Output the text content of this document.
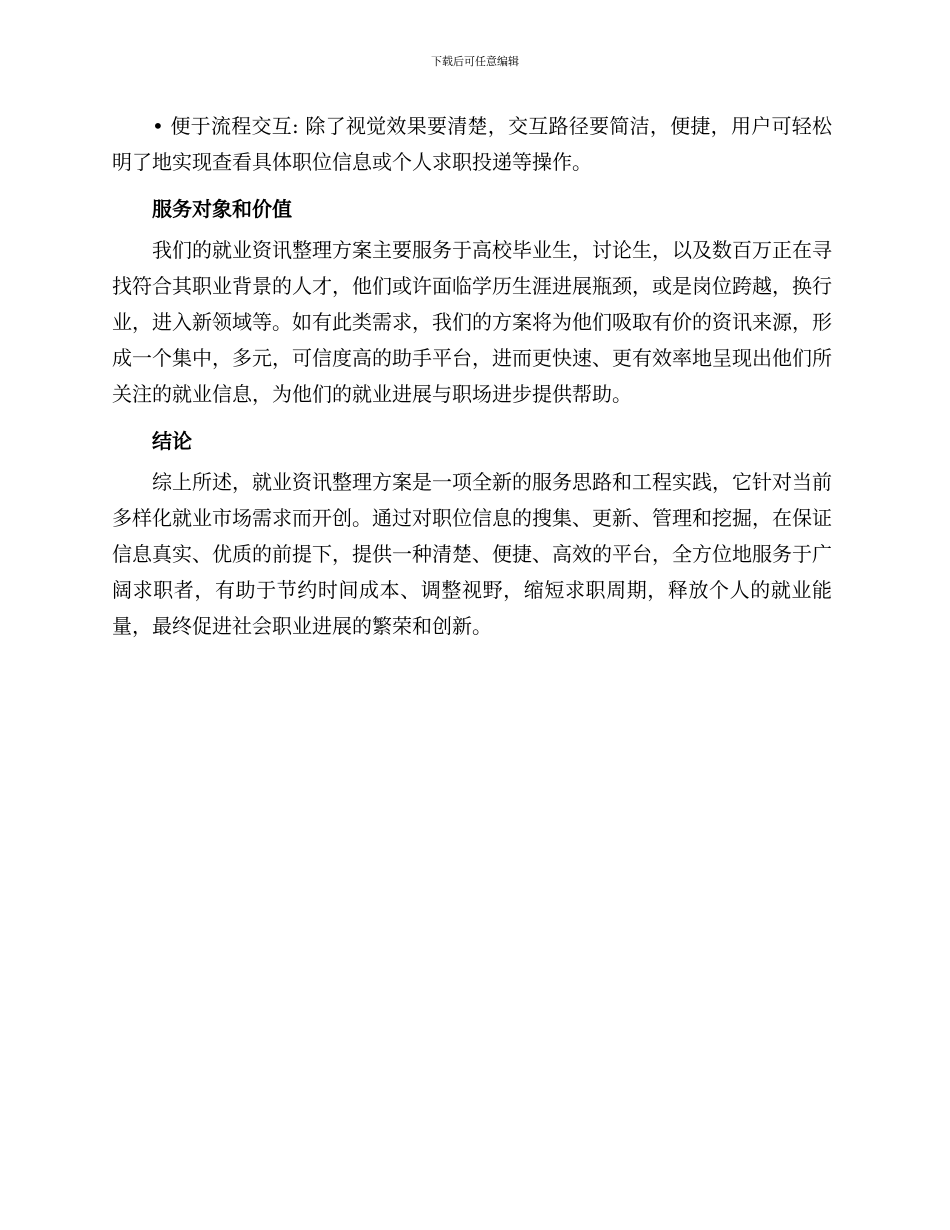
下载后可任意编辑

• 便于流程交互: 除了视觉效果要清楚，交互路径要简洁，便捷，用户可轻松明了地实现查看具体职位信息或个人求职投递等操作。

服务对象和价值

我们的就业资讯整理方案主要服务于高校毕业生，讨论生，以及数百万正在寻找符合其职业背景的人才，他们或许面临学历生涯进展瓶颈，或是岗位跨越，换行业，进入新领域等。如有此类需求，我们的方案将为他们吸取有价的资讯来源，形成一个集中，多元，可信度高的助手平台，进而更快速、更有效率地呈现出他们所关注的就业信息，为他们的就业进展与职场进步提供帮助。

结论

综上所述，就业资讯整理方案是一项全新的服务思路和工程实践，它针对当前多样化就业市场需求而开创。通过对职位信息的搜集、更新、管理和挖掘，在保证信息真实、优质的前提下，提供一种清楚、便捷、高效的平台，全方位地服务于广阔求职者，有助于节约时间成本、调整视野，缩短求职周期，释放个人的就业能量，最终促进社会职业进展的繁荣和创新。
